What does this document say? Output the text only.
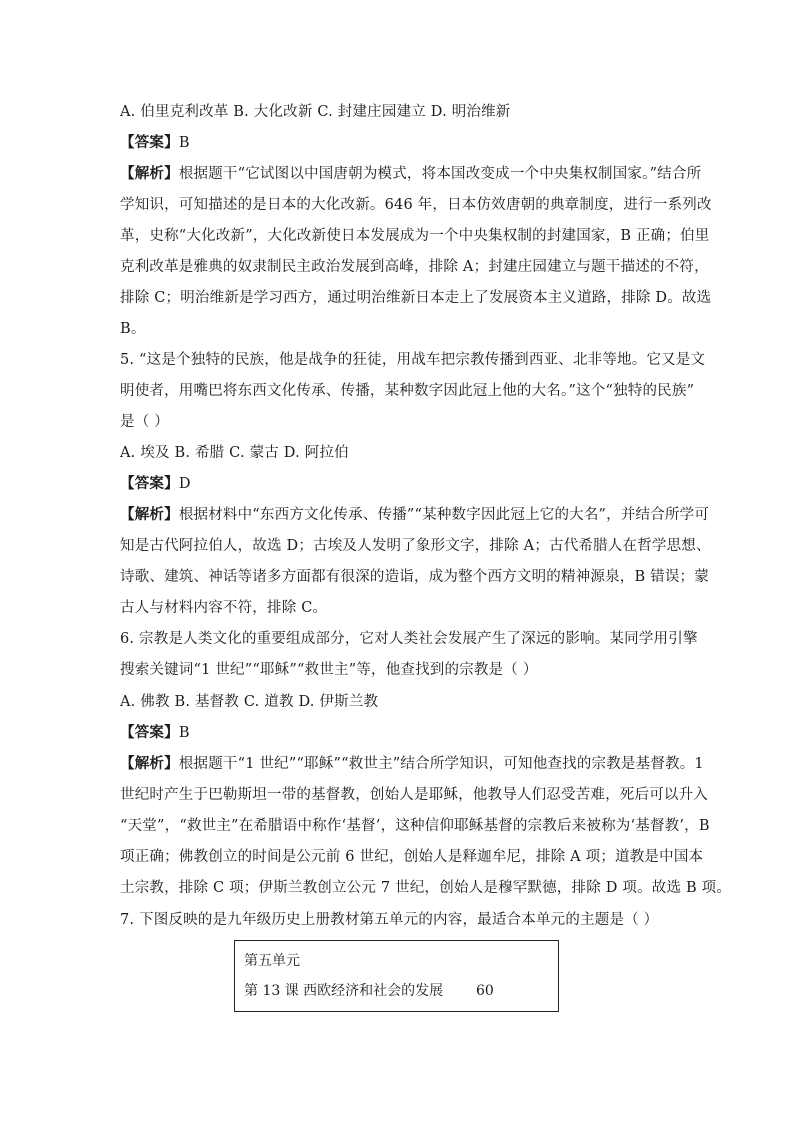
A. 伯里克利改革 B. 大化改新 C. 封建庄园建立 D. 明治维新
【答案】B
【解析】根据题干“它试图以中国唐朝为模式，将本国改变成一个中央集权制国家。”结合所
学知识，可知描述的是日本的大化改新。646 年，日本仿效唐朝的典章制度，进行一系列改
革，史称“大化改新”，大化改新使日本发展成为一个中央集权制的封建国家，B 正确；伯里
克利改革是雅典的奴隶制民主政治发展到高峰，排除 A；封建庄园建立与题干描述的不符，
排除 C；明治维新是学习西方，通过明治维新日本走上了发展资本主义道路，排除 D。故选
B。
5. “这是个独特的民族，他是战争的狂徒，用战车把宗教传播到西亚、北非等地。它又是文
明使者，用嘴巴将东西文化传承、传播，某种数字因此冠上他的大名。”这个“独特的民族”
是（ ）
A. 埃及 B. 希腊 C. 蒙古 D. 阿拉伯
【答案】D
【解析】根据材料中“东西方文化传承、传播”“某种数字因此冠上它的大名”，并结合所学可
知是古代阿拉伯人，故选 D；古埃及人发明了象形文字，排除 A；古代希腊人在哲学思想、
诗歌、建筑、神话等诸多方面都有很深的造诣，成为整个西方文明的精神源泉，B 错误；蒙
古人与材料内容不符，排除 C。
6. 宗教是人类文化的重要组成部分，它对人类社会发展产生了深远的影响。某同学用引擎
搜索关键词“1 世纪”“耶稣”“救世主”等，他查找到的宗教是（ ）
A. 佛教 B. 基督教 C. 道教 D. 伊斯兰教
【答案】B
【解析】根据题干“1 世纪”“耶稣”“救世主”结合所学知识，可知他查找的宗教是基督教。1
世纪时产生于巴勒斯坦一带的基督教，创始人是耶稣，他教导人们忍受苦难，死后可以升入
“天堂”，“救世主”在希腊语中称作‘基督’，这种信仰耶稣基督的宗教后来被称为‘基督教’，B
项正确；佛教创立的时间是公元前 6 世纪，创始人是释迦牟尼，排除 A 项；道教是中国本
土宗教，排除 C 项；伊斯兰教创立公元 7 世纪，创始人是穆罕默德，排除 D 项。故选 B 项。
7. 下图反映的是九年级历史上册教材第五单元的内容，最适合本单元的主题是（ ）
第五单元
第 13 课 西欧经济和社会的发展 60
